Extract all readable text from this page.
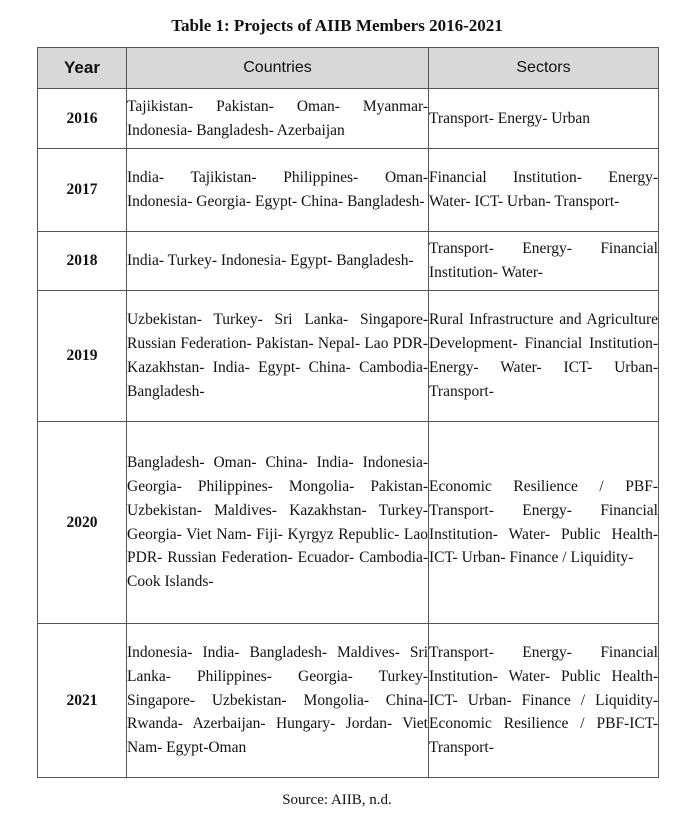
Table 1: Projects of AIIB Members 2016-2021
Year	Countries	Sectors
2016	Tajikistan- Pakistan- Oman- Myanmar- Indonesia- Bangladesh- Azerbaijan	Transport- Energy- Urban
2017	India- Tajikistan- Philippines- Oman- Indonesia- Georgia- Egypt- China- Bangladesh-	Financial Institution- Energy- Water- ICT- Urban- Transport-
2018	India- Turkey- Indonesia- Egypt- Bangladesh-	Transport- Energy- Financial Institution- Water-
2019	Uzbekistan- Turkey- Sri Lanka- Singapore- Russian Federation- Pakistan- Nepal- Lao PDR- Kazakhstan- India- Egypt- China- Cambodia- Bangladesh-	Rural Infrastructure and Agriculture Development- Financial Institution- Energy- Water- ICT- Urban- Transport-
2020	Bangladesh- Oman- China- India- Indonesia- Georgia- Philippines- Mongolia- Pakistan- Uzbekistan- Maldives- Kazakhstan- Turkey- Georgia- Viet Nam- Fiji- Kyrgyz Republic- Lao PDR- Russian Federation- Ecuador- Cambodia- Cook Islands-	Economic Resilience / PBF- Transport- Energy- Financial Institution- Water- Public Health- ICT- Urban- Finance / Liquidity-
2021	Indonesia- India- Bangladesh- Maldives- Sri Lanka- Philippines- Georgia- Turkey- Singapore- Uzbekistan- Mongolia- China- Rwanda- Azerbaijan- Hungary- Jordan- Viet Nam- Egypt-Oman	Transport- Energy- Financial Institution- Water- Public Health- ICT- Urban- Finance / Liquidity- Economic Resilience / PBF-ICT- Transport-
Source: AIIB, n.d.
